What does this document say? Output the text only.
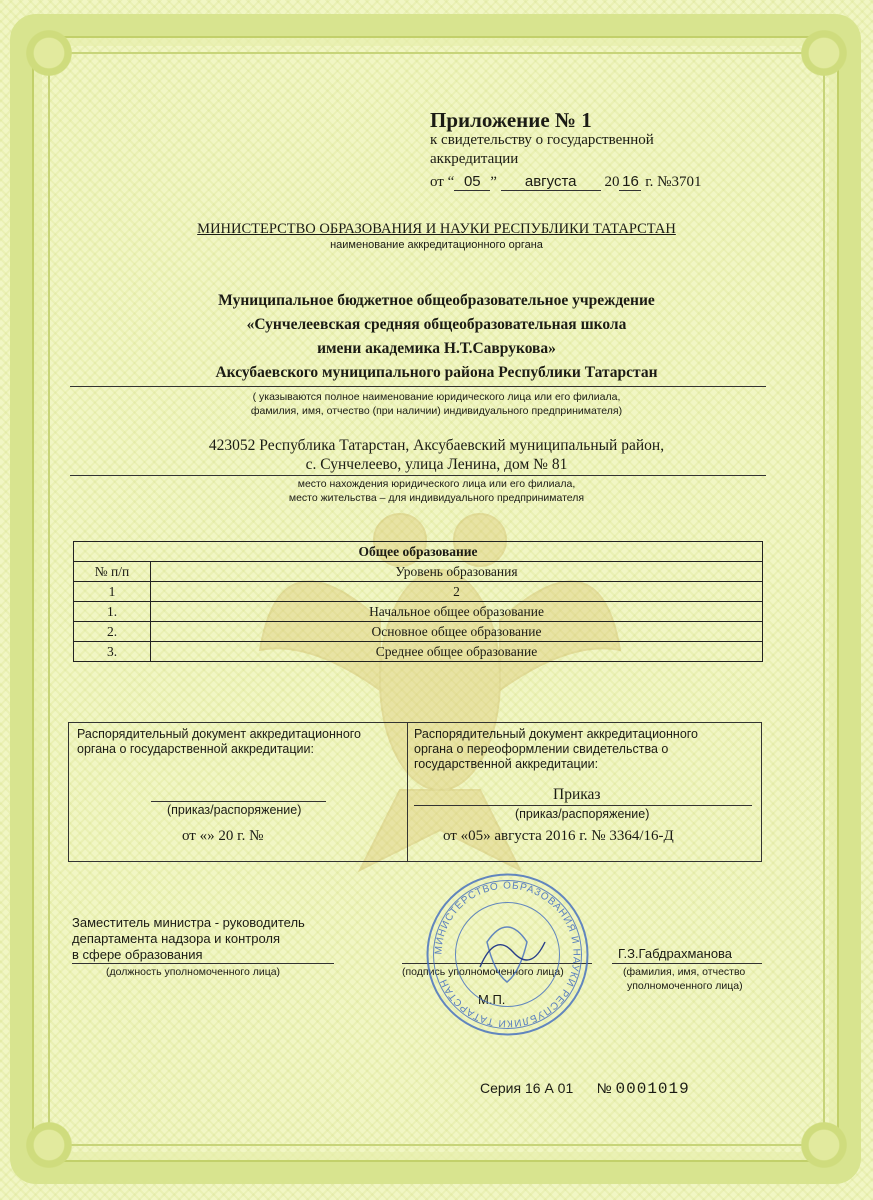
Приложение № 1
к свидетельству о государственной
аккредитации
от “ 05 ” августа 20 16 г. №3701
МИНИСТЕРСТВО ОБРАЗОВАНИЯ И НАУКИ РЕСПУБЛИКИ ТАТАРСТАН
наименование аккредитационного органа
Муниципальное бюджетное общеобразовательное учреждение
«Сунчелеевская средняя общеобразовательная школа
имени академика Н.Т.Саврукова»
Аксубаевского муниципального района Республики Татарстан
( указываются полное наименование юридического лица или его филиала,
фамилия, имя, отчество (при наличии) индивидуального предпринимателя)
423052 Республика Татарстан, Аксубаевский муниципальный район,
с. Сунчелеево, улица Ленина, дом № 81
место нахождения юридического лица или его филиала,
место жительства – для индивидуального предпринимателя
Общее образование	
№ п/п	Уровень образования
1	2
1.	Начальное общее образование
2.	Основное общее образование
3.	Среднее общее образование
Распорядительный документ аккредитационного
органа о государственной аккредитации:
(приказ/распоряжение)
от «» 20 г. №
Распорядительный документ аккредитационного
органа о переоформлении свидетельства о
государственной аккредитации:
Приказ
(приказ/распоряжение)
от «05» августа 2016 г. № 3364/16-Д
Заместитель министра - руководитель
департамента надзора и контроля
в сфере образования
(должность уполномоченного лица)	(подпись уполномоченного лица)
М.П.
Г.З.Габдрахманова
(фамилия, имя, отчество
уполномоченного лица)
МИНИСТЕРСТВО ОБРАЗОВАНИЯ И НАУКИ РЕСПУБЛИКИ ТАТАРСТАН
Серия 16 А 01 № 0001019
